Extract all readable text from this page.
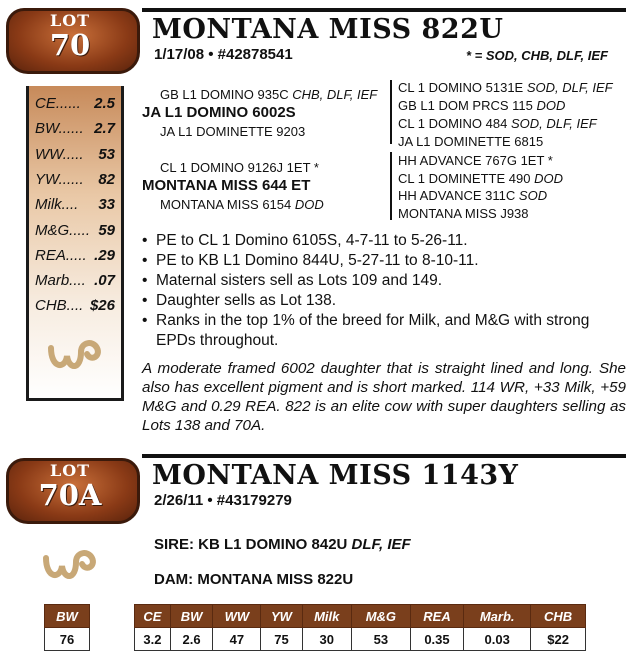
LOT
70
CE...... 2.5
BW...... 2.7
WW..... 53
YW...... 82
Milk.... 33
M&G..... 59
REA..... .29
Marb.... .07
CHB.... $26
MONTANA MISS 822U
1/17/08 • #42878541	* = SOD, CHB, DLF, IEF
GB L1 DOMINO 935C CHB, DLF, IEF
JA L1 DOMINO 6002S
JA L1 DOMINETTE 9203
CL 1 DOMINO 9126J 1ET *
MONTANA MISS 644 ET
MONTANA MISS 6154 DOD
CL 1 DOMINO 5131E SOD, DLF, IEF
GB L1 DOM PRCS 115 DOD
CL 1 DOMINO 484 SOD, DLF, IEF
JA L1 DOMINETTE 6815
HH ADVANCE 767G 1ET *
CL 1 DOMINETTE 490 DOD
HH ADVANCE 311C SOD
MONTANA MISS J938
• PE to CL 1 Domino 6105S, 4-7-11 to 5-26-11.
• PE to KB L1 Domino 844U, 5-27-11 to 8-10-11.
• Maternal sisters sell as Lots 109 and 149.
• Daughter sells as Lot 138.
• Ranks in the top 1% of the breed for Milk, and M&G with strong EPDs throughout.
A moderate framed 6002 daughter that is straight lined and long. She also has excellent pigment and is short marked. 114 WR, +33 Milk, +59 M&G and 0.29 REA. 822 is an elite cow with super daughters selling as Lots 138 and 70A.
LOT
70A
MONTANA MISS 1143Y
2/26/11 • #43179279
SIRE: KB L1 DOMINO 842U DLF, IEF
DAM: MONTANA MISS 822U
BW
76
CE	BW	WW	YW	Milk	M&G	REA	Marb.	CHB
3.2	2.6	47	75	30	53	0.35	0.03	$22
